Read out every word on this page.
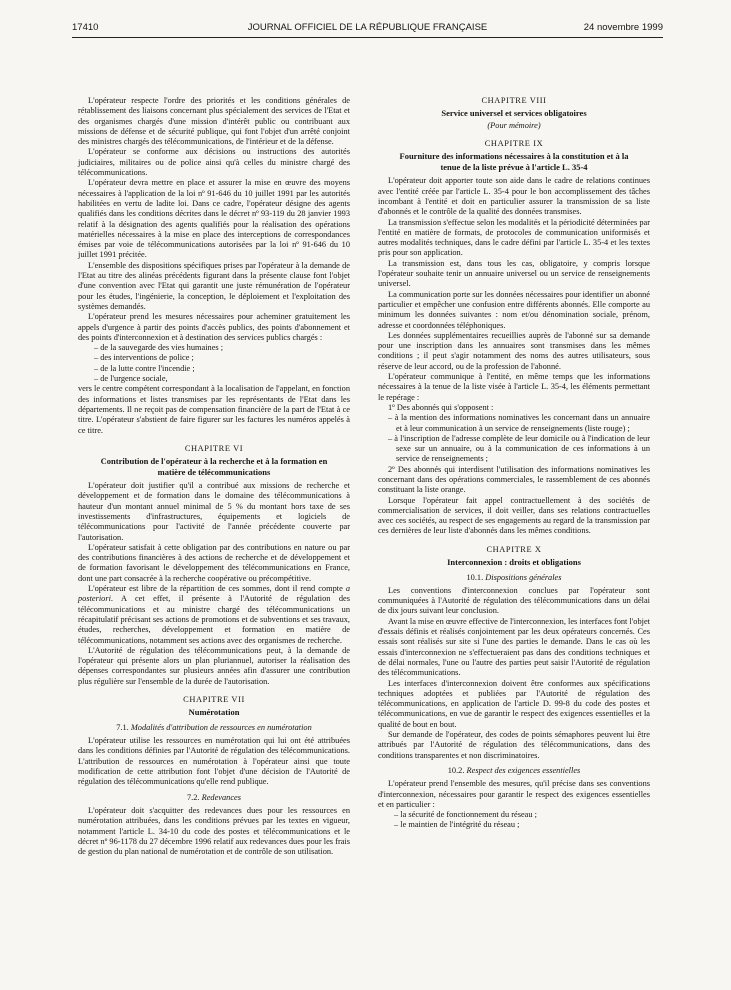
17410	JOURNAL OFFICIEL DE LA RÉPUBLIQUE FRANÇAISE	24 novembre 1999

L'opérateur respecte l'ordre des priorités et les conditions générales de rétablissement des liaisons concernant plus spécialement des services de l'Etat et des organismes chargés d'une mission d'intérêt public ou contribuant aux missions de défense et de sécurité publique, qui font l'objet d'un arrêté conjoint des ministres chargés des télécommunications, de l'intérieur et de la défense.

L'opérateur se conforme aux décisions ou instructions des autorités judiciaires, militaires ou de police ainsi qu'à celles du ministre chargé des télécommunications.

L'opérateur devra mettre en place et assurer la mise en œuvre des moyens nécessaires à l'application de la loi nº 91-646 du 10 juillet 1991 par les autorités habilitées en vertu de ladite loi. Dans ce cadre, l'opérateur désigne des agents qualifiés dans les conditions décrites dans le décret nº 93-119 du 28 janvier 1993 relatif à la désignation des agents qualifiés pour la réalisation des opérations matérielles nécessaires à la mise en place des interceptions de correspondances émises par voie de télécommunications autorisées par la loi nº 91-646 du 10 juillet 1991 précitée.

L'ensemble des dispositions spécifiques prises par l'opérateur à la demande de l'Etat au titre des alinéas précédents figurant dans la présente clause font l'objet d'une convention avec l'Etat qui garantit une juste rémunération de l'opérateur pour les études, l'ingénierie, la conception, le déploiement et l'exploitation des systèmes demandés.

L'opérateur prend les mesures nécessaires pour acheminer gratuitement les appels d'urgence à partir des points d'accès publics, des points d'abonnement et des points d'interconnexion et à destination des services publics chargés :

– de la sauvegarde des vies humaines ;

– des interventions de police ;

– de la lutte contre l'incendie ;

– de l'urgence sociale,

vers le centre compétent correspondant à la localisation de l'appelant, en fonction des informations et listes transmises par les représentants de l'Etat dans les départements. Il ne reçoit pas de compensation financière de la part de l'Etat à ce titre. L'opérateur s'abstient de faire figurer sur les factures les numéros appelés à ce titre.

CHAPITRE VI
Contribution de l'opérateur à la recherche et à la formation en matière de télécommunications

L'opérateur doit justifier qu'il a contribué aux missions de recherche et développement et de formation dans le domaine des télécommunications à hauteur d'un montant annuel minimal de 5 % du montant hors taxe de ses investissements d'infrastructures, équipements et logiciels de télécommunications pour l'activité de l'année précédente couverte par l'autorisation.

L'opérateur satisfait à cette obligation par des contributions en nature ou par des contributions financières à des actions de recherche et de développement et de formation favorisant le développement des télécommunications en France, dont une part consacrée à la recherche coopérative ou précompétitive.

L'opérateur est libre de la répartition de ces sommes, dont il rend compte a posteriori. A cet effet, il présente à l'Autorité de régulation des télécommunications et au ministre chargé des télécommunications un récapitulatif précisant ses actions de promotions et de subventions et ses travaux, études, recherches, développement et formation en matière de télécommunications, notamment ses actions avec des organismes de recherche.

L'Autorité de régulation des télécommunications peut, à la demande de l'opérateur qui présente alors un plan pluriannuel, autoriser la réalisation des dépenses correspondantes sur plusieurs années afin d'assurer une contribution plus régulière sur l'ensemble de la durée de l'autorisation.

CHAPITRE VII
Numérotation
7.1. Modalités d'attribution de ressources en numérotation

L'opérateur utilise les ressources en numérotation qui lui ont été attribuées dans les conditions définies par l'Autorité de régulation des télécommunications. L'attribution de ressources en numérotation à l'opérateur ainsi que toute modification de cette attribution font l'objet d'une décision de l'Autorité de régulation des télécommunications qu'elle rend publique.

7.2. Redevances

L'opérateur doit s'acquitter des redevances dues pour les ressources en numérotation attribuées, dans les conditions prévues par les textes en vigueur, notamment l'article L. 34-10 du code des postes et télécommunications et le décret nº 96-1178 du 27 décembre 1996 relatif aux redevances dues pour les frais de gestion du plan national de numérotation et de contrôle de son utilisation.

CHAPITRE VIII
Service universel et services obligatoires
(Pour mémoire)
CHAPITRE IX
Fourniture des informations nécessaires à la constitution et à la tenue de la liste prévue à l'article L. 35-4

L'opérateur doit apporter toute son aide dans le cadre de relations continues avec l'entité créée par l'article L. 35-4 pour le bon accomplissement des tâches incombant à l'entité et doit en particulier assurer la transmission de sa liste d'abonnés et le contrôle de la qualité des données transmises.

La transmission s'effectue selon les modalités et la périodicité déterminées par l'entité en matière de formats, de protocoles de communication uniformisés et autres modalités techniques, dans le cadre défini par l'article L. 35-4 et les textes pris pour son application.

La transmission est, dans tous les cas, obligatoire, y compris lorsque l'opérateur souhaite tenir un annuaire universel ou un service de renseignements universel.

La communication porte sur les données nécessaires pour identifier un abonné particulier et empêcher une confusion entre différents abonnés. Elle comporte au minimum les données suivantes : nom et/ou dénomination sociale, prénom, adresse et coordonnées téléphoniques.

Les données supplémentaires recueillies auprès de l'abonné sur sa demande pour une inscription dans les annuaires sont transmises dans les mêmes conditions ; il peut s'agir notamment des noms des autres utilisateurs, sous réserve de leur accord, ou de la profession de l'abonné.

L'opérateur communique à l'entité, en même temps que les informations nécessaires à la tenue de la liste visée à l'article L. 35-4, les éléments permettant le repérage :

1º Des abonnés qui s'opposent :

– à la mention des informations nominatives les concernant dans un annuaire et à leur communication à un service de renseignements (liste rouge) ;

– à l'inscription de l'adresse complète de leur domicile ou à l'indication de leur sexe sur un annuaire, ou à la communication de ces informations à un service de renseignements ;

2º Des abonnés qui interdisent l'utilisation des informations nominatives les concernant dans des opérations commerciales, le rassemblement de ces abonnés constituant la liste orange.

Lorsque l'opérateur fait appel contractuellement à des sociétés de commercialisation de services, il doit veiller, dans ses relations contractuelles avec ces sociétés, au respect de ses engagements au regard de la transmission par ces dernières de leur liste d'abonnés dans les mêmes conditions.

CHAPITRE X
Interconnexion : droits et obligations
10.1. Dispositions générales

Les conventions d'interconnexion conclues par l'opérateur sont communiquées à l'Autorité de régulation des télécommunications dans un délai de dix jours suivant leur conclusion.

Avant la mise en œuvre effective de l'interconnexion, les interfaces font l'objet d'essais définis et réalisés conjointement par les deux opérateurs concernés. Ces essais sont réalisés sur site si l'une des parties le demande. Dans le cas où les essais d'interconnexion ne s'effectueraient pas dans des conditions techniques et de délai normales, l'une ou l'autre des parties peut saisir l'Autorité de régulation des télécommunications.

Les interfaces d'interconnexion doivent être conformes aux spécifications techniques adoptées et publiées par l'Autorité de régulation des télécommunications, en application de l'article D. 99-8 du code des postes et télécommunications, en vue de garantir le respect des exigences essentielles et la qualité de bout en bout.

Sur demande de l'opérateur, des codes de points sémaphores peuvent lui être attribués par l'Autorité de régulation des télécommunications, dans des conditions transparentes et non discriminatoires.

10.2. Respect des exigences essentielles

L'opérateur prend l'ensemble des mesures, qu'il précise dans ses conventions d'interconnexion, nécessaires pour garantir le respect des exigences essentielles et en particulier :

– la sécurité de fonctionnement du réseau ;

– le maintien de l'intégrité du réseau ;
